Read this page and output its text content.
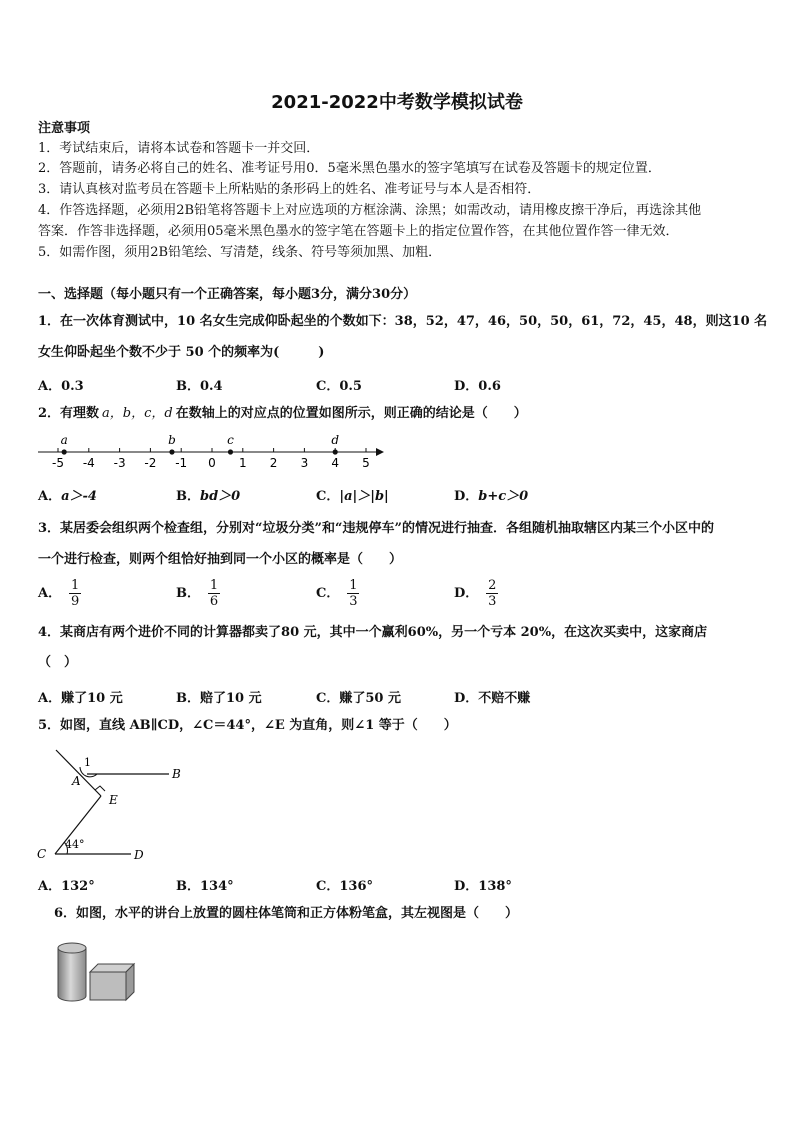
2021-2022中考数学模拟试卷
注意事项
1．考试结束后，请将本试卷和答题卡一并交回．
2．答题前，请务必将自己的姓名、准考证号用0．5毫米黑色墨水的签字笔填写在试卷及答题卡的规定位置．
3．请认真核对监考员在答题卡上所粘贴的条形码上的姓名、准考证号与本人是否相符．
4．作答选择题，必须用2B铅笔将答题卡上对应选项的方框涂满、涂黑；如需改动，请用橡皮擦干净后，再选涂其他
答案．作答非选择题，必须用05毫米黑色墨水的签字笔在答题卡上的指定位置作答，在其他位置作答一律无效．
5．如需作图，须用2B铅笔绘、写清楚，线条、符号等须加黑、加粗．
一、选择题（每小题只有一个正确答案，每小题3分，满分30分）
1．在一次体育测试中，10 名女生完成仰卧起坐的个数如下：38，52，47，46，50，50，61，72，45，48，则这10 名
女生仰卧起坐个数不少于 50 个的频率为(　　　)
A．0.3	B．0.4	C．0.5	D．0.6
2．有理数 a，b，c，d 在数轴上的对应点的位置如图所示，则正确的结论是（　　）
-5 -4 -3 -2 -1 0 1 2 3 4 5
a	b	c	d
A．a＞-4	B．bd＞0	C．|a|＞|b|	D．b+c＞0
3．某居委会组织两个检查组，分别对“垃圾分类”和“违规停车”的情况进行抽查．各组随机抽取辖区内某三个小区中的
一个进行检查，则两个组恰好抽到同一个小区的概率是（　　）
A． $\frac{1}{9}$	B． $\frac{1}{6}$	C． $\frac{1}{3}$	D． $\frac{2}{3}$
4．某商店有两个进价不同的计算器都卖了80 元，其中一个赢利60%，另一个亏本 20%，在这次买卖中，这家商店
（　）
A．赚了10 元	B．赔了10 元	C．赚了50 元	D．不赔不赚
5．如图，直线 AB∥CD，∠C＝44°，∠E 为直角，则∠1 等于（　　）
1
A	B
E
C	D
44°
A．132°	B．134°	C．136°	D．138°
6．如图，水平的讲台上放置的圆柱体笔筒和正方体粉笔盒，其左视图是（　　）
